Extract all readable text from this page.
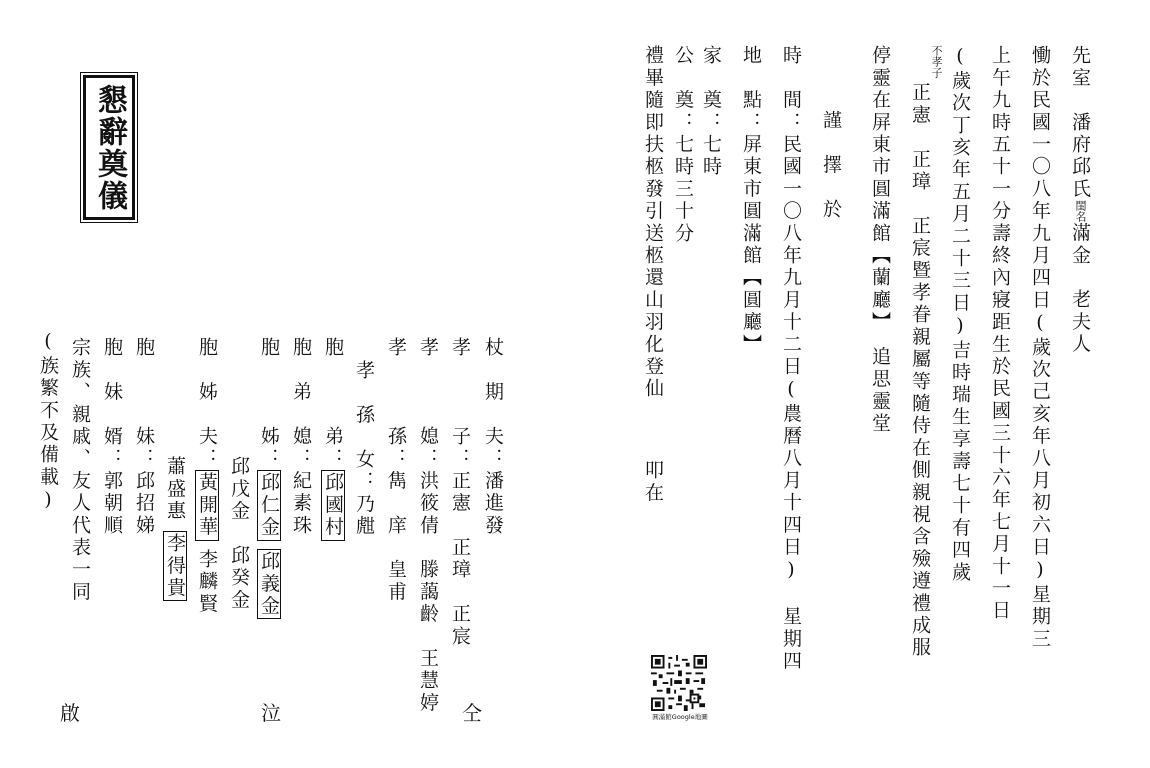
先室　潘府邱氏閨名滿金　老夫人
慟於民國一〇八年九月四日(歲次己亥年八月初六日)星期三
上午九時五十一分壽終內寢距生於民國三十六年七月十一日
(歲次丁亥年五月二十三日)吉時瑞生享壽七十有四歲
不孝子
正憲　正璋　正宸暨孝眷親屬等隨侍在側親視含殮遵禮成服
停靈在屏東市圓滿館【蘭廳】　追思靈堂
謹　擇　於
時　間：民國一〇八年九月十二日(農曆八月十四日)　星期四
地　點：屏東市圓滿館【圓廳】
家　奠：七時
公　奠：七時三十分
禮畢隨即扶柩發引送柩還山羽化登仙
叩在
圓滿館Google地圖
懇辭奠儀
杖　期　夫：潘進發
孝　　　子：正憲　正璋　正宸
孝　　　媳：洪筱倩　滕藹齡　王慧婷
孝　　　孫：雋　庠　皇甫
孝　孫　女：乃甝
胞　　　弟：邱國村
胞　弟　媳：紀素珠
胞　　　姊：邱仁金邱義金
邱戊金　邱癸金
胞　姊　夫：黃開華李麟賢
蕭盛惠李得貴
胞　　　妹：邱招娣
胞　妹　婿：郭朝順
宗族、親戚、友人代表一同
(族繁不及備載)
仝
泣
啟
